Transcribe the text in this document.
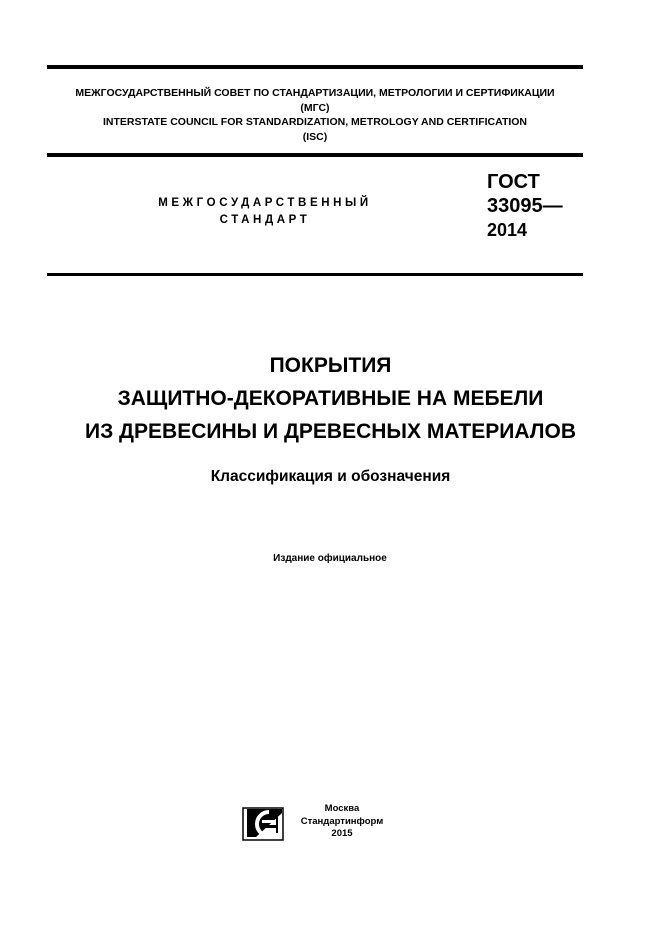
МЕЖГОСУДАРСТВЕННЫЙ СОВЕТ ПО СТАНДАРТИЗАЦИИ, МЕТРОЛОГИИ И СЕРТИФИКАЦИИ
(МГС)
INTERSTATE COUNCIL FOR STANDARDIZATION, METROLOGY AND CERTIFICATION
(ISC)
МЕЖГОСУДАРСТВЕННЫЙ
СТАНДАРТ
ГОСТ
33095—
2014
ПОКРЫТИЯ
ЗАЩИТНО-ДЕКОРАТИВНЫЕ НА МЕБЕЛИ
ИЗ ДРЕВЕСИНЫ И ДРЕВЕСНЫХ МАТЕРИАЛОВ
Классификация и обозначения
Издание официальное
Москва
Стандартинформ
2015
